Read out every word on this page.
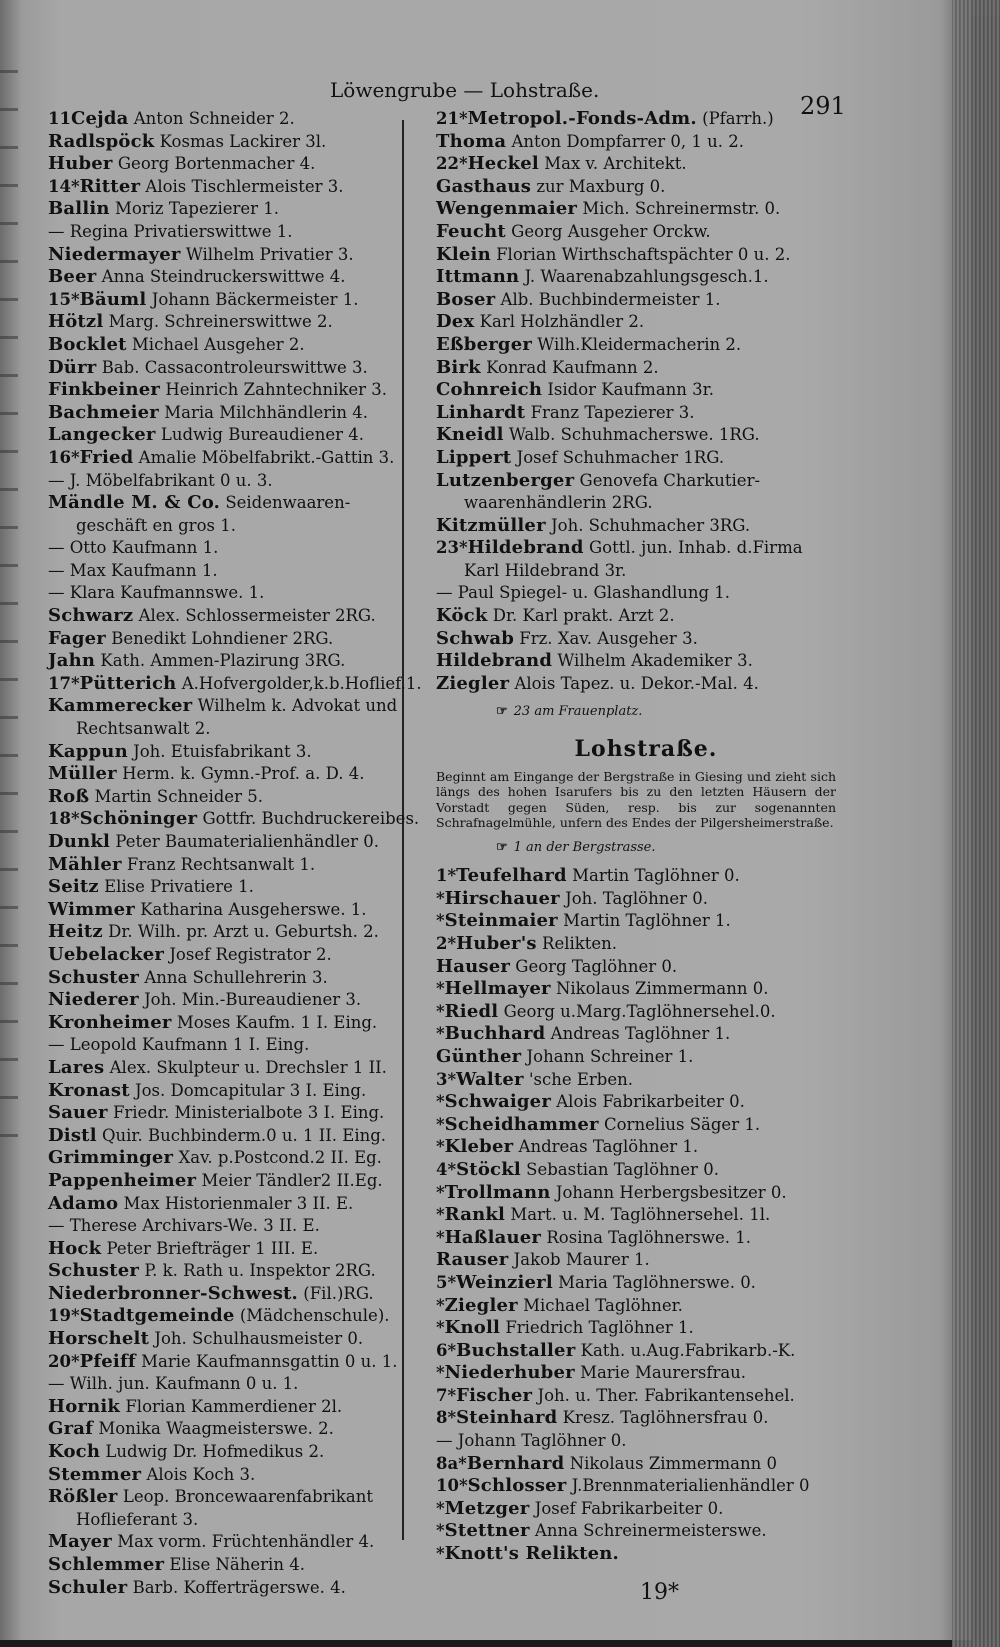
Löwengrube — Lohstraße.
291
11Cejda Anton Schneider 2.
Radlspöck Kosmas Lackirer 3l.
Huber Georg Bortenmacher 4.
14*Ritter Alois Tischlermeister 3.
Ballin Moriz Tapezierer 1.
— Regina Privatierswittwe 1.
Niedermayer Wilhelm Privatier 3.
Beer Anna Steindruckerswittwe 4.
15*Bäuml Johann Bäckermeister 1.
Hötzl Marg. Schreinerswittwe 2.
Bocklet Michael Ausgeher 2.
Dürr Bab. Cassacontroleurswittwe 3.
Finkbeiner Heinrich Zahntechniker 3.
Bachmeier Maria Milchhändlerin 4.
Langecker Ludwig Bureaudiener 4.
16*Fried Amalie Möbelfabrikt.-Gattin 3.
— J. Möbelfabrikant 0 u. 3.
Mändle M. & Co. Seidenwaaren-
geschäft en gros 1.
— Otto Kaufmann 1.
— Max Kaufmann 1.
— Klara Kaufmannswe. 1.
Schwarz Alex. Schlossermeister 2RG.
Fager Benedikt Lohndiener 2RG.
Jahn Kath. Ammen-Plazirung 3RG.
17*Pütterich A.Hofvergolder,k.b.Hoflief.1.
Kammerecker Wilhelm k. Advokat und
Rechtsanwalt 2.
Kappun Joh. Etuisfabrikant 3.
Müller Herm. k. Gymn.-Prof. a. D. 4.
Roß Martin Schneider 5.
18*Schöninger Gottfr. Buchdruckereibes.
Dunkl Peter Baumaterialienhändler 0.
Mähler Franz Rechtsanwalt 1.
Seitz Elise Privatiere 1.
Wimmer Katharina Ausgeherswe. 1.
Heitz Dr. Wilh. pr. Arzt u. Geburtsh. 2.
Uebelacker Josef Registrator 2.
Schuster Anna Schullehrerin 3.
Niederer Joh. Min.-Bureaudiener 3.
Kronheimer Moses Kaufm. 1 I. Eing.
— Leopold Kaufmann 1 I. Eing.
Lares Alex. Skulpteur u. Drechsler 1 II.
Kronast Jos. Domcapitular 3 I. Eing.
Sauer Friedr. Ministerialbote 3 I. Eing.
Distl Quir. Buchbinderm.0 u. 1 II. Eing.
Grimminger Xav. p.Postcond.2 II. Eg.
Pappenheimer Meier Tändler2 II.Eg.
Adamo Max Historienmaler 3 II. E.
— Therese Archivars-We. 3 II. E.
Hock Peter Briefträger 1 III. E.
Schuster P. k. Rath u. Inspektor 2RG.
Niederbronner-Schwest. (Fil.)RG.
19*Stadtgemeinde (Mädchenschule).
Horschelt Joh. Schulhausmeister 0.
20*Pfeiff Marie Kaufmannsgattin 0 u. 1.
— Wilh. jun. Kaufmann 0 u. 1.
Hornik Florian Kammerdiener 2l.
Graf Monika Waagmeisterswe. 2.
Koch Ludwig Dr. Hofmedikus 2.
Stemmer Alois Koch 3.
Rößler Leop. Broncewaarenfabrikant
Hoflieferant 3.
Mayer Max vorm. Früchtenhändler 4.
Schlemmer Elise Näherin 4.
Schuler Barb. Kofferträgerswe. 4.
21*Metropol.-Fonds-Adm. (Pfarrh.)
Thoma Anton Dompfarrer 0, 1 u. 2.
22*Heckel Max v. Architekt.
Gasthaus zur Maxburg 0.
Wengenmaier Mich. Schreinermstr. 0.
Feucht Georg Ausgeher Orckw.
Klein Florian Wirthschaftspächter 0 u. 2.
Ittmann J. Waarenabzahlungsgesch.1.
Boser Alb. Buchbindermeister 1.
Dex Karl Holzhändler 2.
Eßberger Wilh.Kleidermacherin 2.
Birk Konrad Kaufmann 2.
Cohnreich Isidor Kaufmann 3r.
Linhardt Franz Tapezierer 3.
Kneidl Walb. Schuhmacherswe. 1RG.
Lippert Josef Schuhmacher 1RG.
Lutzenberger Genovefa Charkutier-
waarenhändlerin 2RG.
Kitzmüller Joh. Schuhmacher 3RG.
23*Hildebrand Gottl. jun. Inhab. d.Firma
Karl Hildebrand 3r.
— Paul Spiegel- u. Glashandlung 1.
Köck Dr. Karl prakt. Arzt 2.
Schwab Frz. Xav. Ausgeher 3.
Hildebrand Wilhelm Akademiker 3.
Ziegler Alois Tapez. u. Dekor.-Mal. 4.
☞ 23 am Frauenplatz.
Lohstraße.
Beginnt am Eingange der Bergstraße in Giesing und zieht sich längs des hohen Isarufers bis zu den letzten Häusern der Vorstadt gegen Süden, resp. bis zur sogenannten Schrafnagelmühle, unfern des Endes der Pilgersheimerstraße.
☞ 1 an der Bergstrasse.
1*Teufelhard Martin Taglöhner 0.
*Hirschauer Joh. Taglöhner 0.
*Steinmaier Martin Taglöhner 1.
2*Huber's Relikten.
Hauser Georg Taglöhner 0.
*Hellmayer Nikolaus Zimmermann 0.
*Riedl Georg u.Marg.Taglöhnersehel.0.
*Buchhard Andreas Taglöhner 1.
Günther Johann Schreiner 1.
3*Walter 'sche Erben.
*Schwaiger Alois Fabrikarbeiter 0.
*Scheidhammer Cornelius Säger 1.
*Kleber Andreas Taglöhner 1.
4*Stöckl Sebastian Taglöhner 0.
*Trollmann Johann Herbergsbesitzer 0.
*Rankl Mart. u. M. Taglöhnersehel. 1l.
*Haßlauer Rosina Taglöhnerswe. 1.
Rauser Jakob Maurer 1.
5*Weinzierl Maria Taglöhnerswe. 0.
*Ziegler Michael Taglöhner.
*Knoll Friedrich Taglöhner 1.
6*Buchstaller Kath. u.Aug.Fabrikarb.-K.
*Niederhuber Marie Maurersfrau.
7*Fischer Joh. u. Ther. Fabrikantensehel.
8*Steinhard Kresz. Taglöhnersfrau 0.
— Johann Taglöhner 0.
8a*Bernhard Nikolaus Zimmermann 0
10*Schlosser J.Brennmaterialienhändler 0
*Metzger Josef Fabrikarbeiter 0.
*Stettner Anna Schreinermeisterswe.
*Knott's Relikten.
19*
